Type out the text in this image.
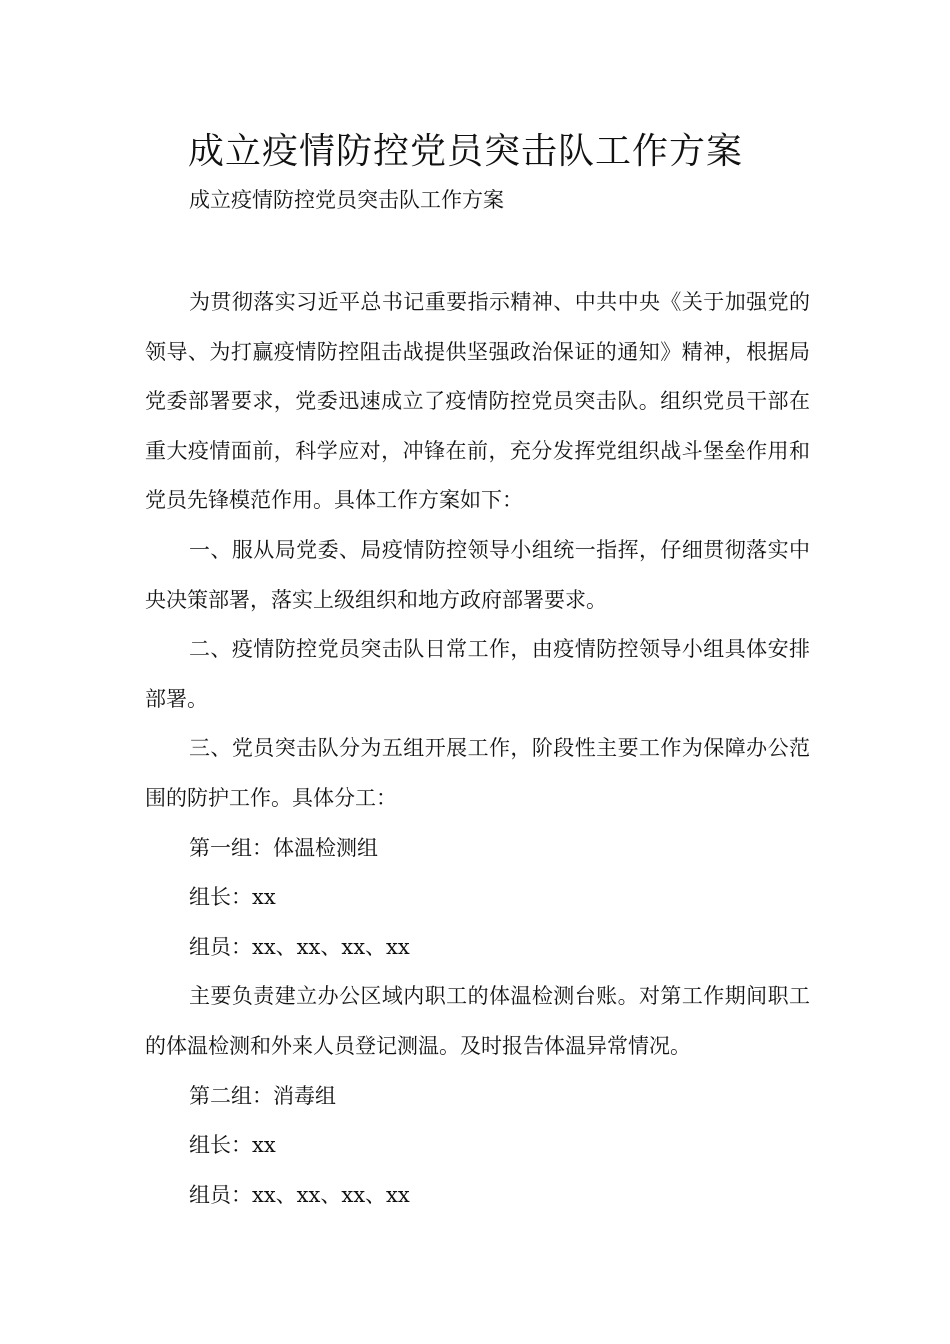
成立疫情防控党员突击队工作方案

成立疫情防控党员突击队工作方案

为贯彻落实习近平总书记重要指示精神、中共中央《关于加强党的领导、为打赢疫情防控阻击战提供坚强政治保证的通知》精神，根据局党委部署要求，党委迅速成立了疫情防控党员突击队。组织党员干部在重大疫情面前，科学应对，冲锋在前，充分发挥党组织战斗堡垒作用和党员先锋模范作用。具体工作方案如下：

一、服从局党委、局疫情防控领导小组统一指挥，仔细贯彻落实中央决策部署，落实上级组织和地方政府部署要求。

二、疫情防控党员突击队日常工作，由疫情防控领导小组具体安排部署。

三、党员突击队分为五组开展工作，阶段性主要工作为保障办公范围的防护工作。具体分工：

第一组：体温检测组

组长：xx

组员：xx、xx、xx、xx

主要负责建立办公区域内职工的体温检测台账。对第工作期间职工的体温检测和外来人员登记测温。及时报告体温异常情况。

第二组：消毒组

组长：xx

组员：xx、xx、xx、xx
